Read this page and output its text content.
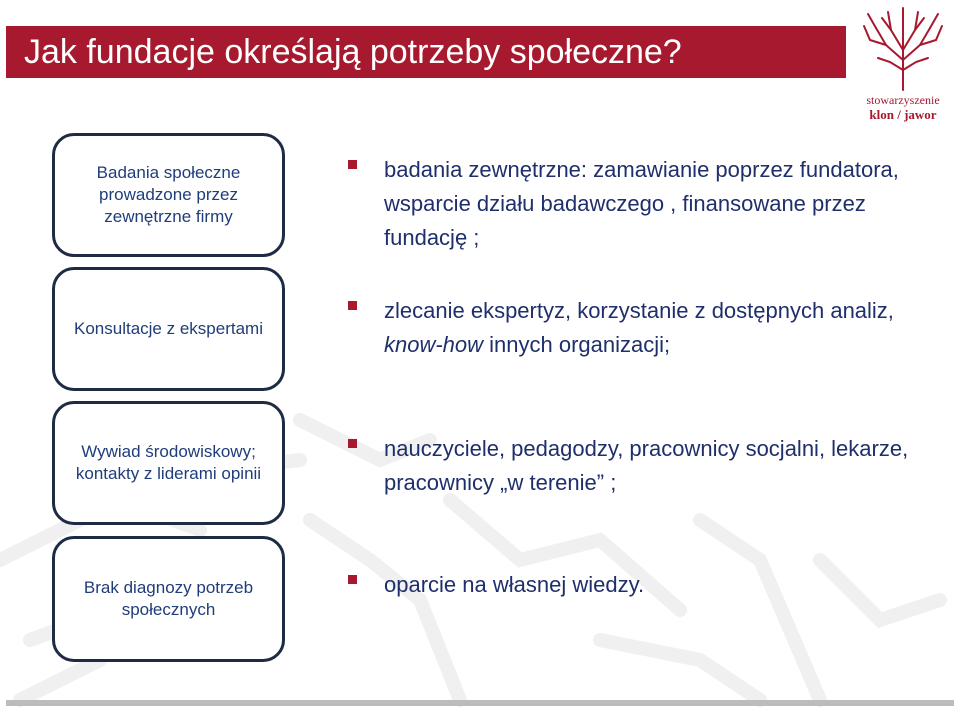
Jak fundacje określają potrzeby społeczne?
stowarzyszenie
klon / jawor
Badania społeczne prowadzone przez zewnętrzne firmy
Konsultacje z ekspertami
Wywiad środowiskowy; kontakty z liderami opinii
Brak diagnozy potrzeb społecznych
badania zewnętrzne: zamawianie poprzez fundatora, wsparcie działu badawczego , finansowane przez fundację ;
zlecanie ekspertyz, korzystanie z dostępnych analiz, know-how innych organizacji;
nauczyciele, pedagodzy, pracownicy socjalni, lekarze, pracownicy „w terenie” ;
oparcie na własnej wiedzy.
